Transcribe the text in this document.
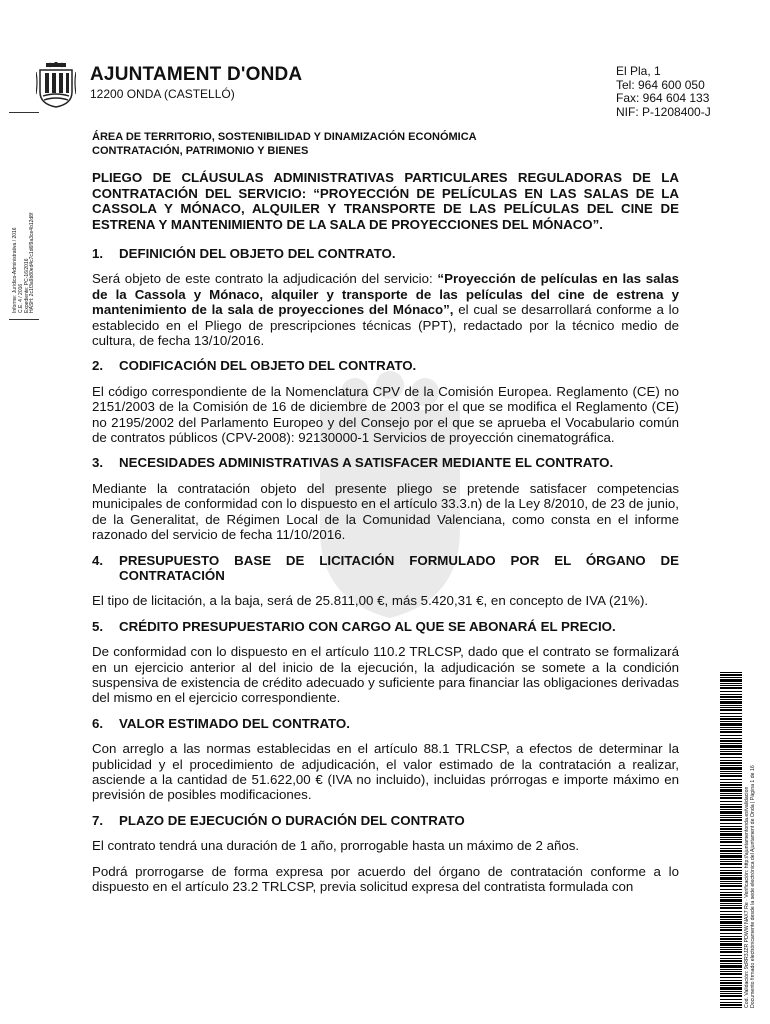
AJUNTAMENT D'ONDA
12200 ONDA (CASTELLÓ)
El Pla, 1
Tel: 964 600 050
Fax: 964 604 133
NIF: P-1208400-J
Informe: Jurídico-Administrativa / 2016 C.E. 4 / 2016 Expediente: PC-16/2016 HASH: 2c1f3a9b80ed4c7c1d6f9a3ce4b12d8f
ÁREA DE TERRITORIO, SOSTENIBILIDAD Y DINAMIZACIÓN ECONÓMICA
CONTRATACIÓN, PATRIMONIO Y BIENES
PLIEGO DE CLÁUSULAS ADMINISTRATIVAS PARTICULARES REGULADORAS DE LA CONTRATACIÓN DEL SERVICIO: “PROYECCIÓN DE PELÍCULAS EN LAS SALAS DE LA CASSOLA Y MÓNACO, ALQUILER Y TRANSPORTE DE LAS PELÍCULAS DEL CINE DE ESTRENA Y MANTENIMIENTO DE LA SALA DE PROYECCIONES DEL MÓNACO”.
1.	DEFINICIÓN DEL OBJETO DEL CONTRATO.
Será objeto de este contrato la adjudicación del servicio: “Proyección de películas en las salas de la Cassola y Mónaco, alquiler y transporte de las películas del cine de estrena y mantenimiento de la sala de proyecciones del Mónaco”, el cual se desarrollará conforme a lo establecido en el Pliego de prescripciones técnicas (PPT), redactado por la técnico medio de cultura, de fecha 13/10/2016.
2.	CODIFICACIÓN DEL OBJETO DEL CONTRATO.
El código correspondiente de la Nomenclatura CPV de la Comisión Europea. Reglamento (CE) no 2151/2003 de la Comisión de 16 de diciembre de 2003 por el que se modifica el Reglamento (CE) no 2195/2002 del Parlamento Europeo y del Consejo por el que se aprueba el Vocabulario común de contratos públicos (CPV-2008): 92130000-1 Servicios de proyección cinematográfica.
3.	NECESIDADES ADMINISTRATIVAS A SATISFACER MEDIANTE EL CONTRATO.
Mediante la contratación objeto del presente pliego se pretende satisfacer competencias municipales de conformidad con lo dispuesto en el artículo 33.3.n) de la Ley 8/2010, de 23 de junio, de la Generalitat, de Régimen Local de la Comunidad Valenciana, como consta en el informe razonado del servicio de fecha 11/10/2016.
4.	PRESUPUESTO BASE DE LICITACIÓN FORMULADO POR EL ÓRGANO DE CONTRATACIÓN
El tipo de licitación, a la baja, será de 25.811,00 €, más 5.420,31 €, en concepto de IVA (21%).
5.	CRÉDITO PRESUPUESTARIO CON CARGO AL QUE SE ABONARÁ EL PRECIO.
De conformidad con lo dispuesto en el artículo 110.2 TRLCSP, dado que el contrato se formalizará en un ejercicio anterior al del inicio de la ejecución, la adjudicación se somete a la condición suspensiva de existencia de crédito adecuado y suficiente para financiar las obligaciones derivadas del mismo en el ejercicio correspondiente.
6.	VALOR ESTIMADO DEL CONTRATO.
Con arreglo a las normas establecidas en el artículo 88.1 TRLCSP, a efectos de determinar la publicidad y el procedimiento de adjudicación, el valor estimado de la contratación a realizar, asciende a la cantidad de 51.622,00 € (IVA no incluido), incluidas prórrogas e importe máximo en previsión de posibles modificaciones.
7.	PLAZO DE EJECUCIÓN O DURACIÓN DEL CONTRATO
El contrato tendrá una duración de 1 año, prorrogable hasta un máximo de 2 años.
Podrá prorrogarse de forma expresa por acuerdo del órgano de contratación conforme a lo dispuesto en el artículo 23.2 TRLCSP, previa solicitud expresa del contratista formulada con	Cod. Validación: 9cRR3JZR PDWW NAX7 Re · Verificación: http://ajuntamentonda.es/validacion Documento firmado electrónicamente desde la sede electrónica del Ajuntament de Onda | Página 1 de 16
